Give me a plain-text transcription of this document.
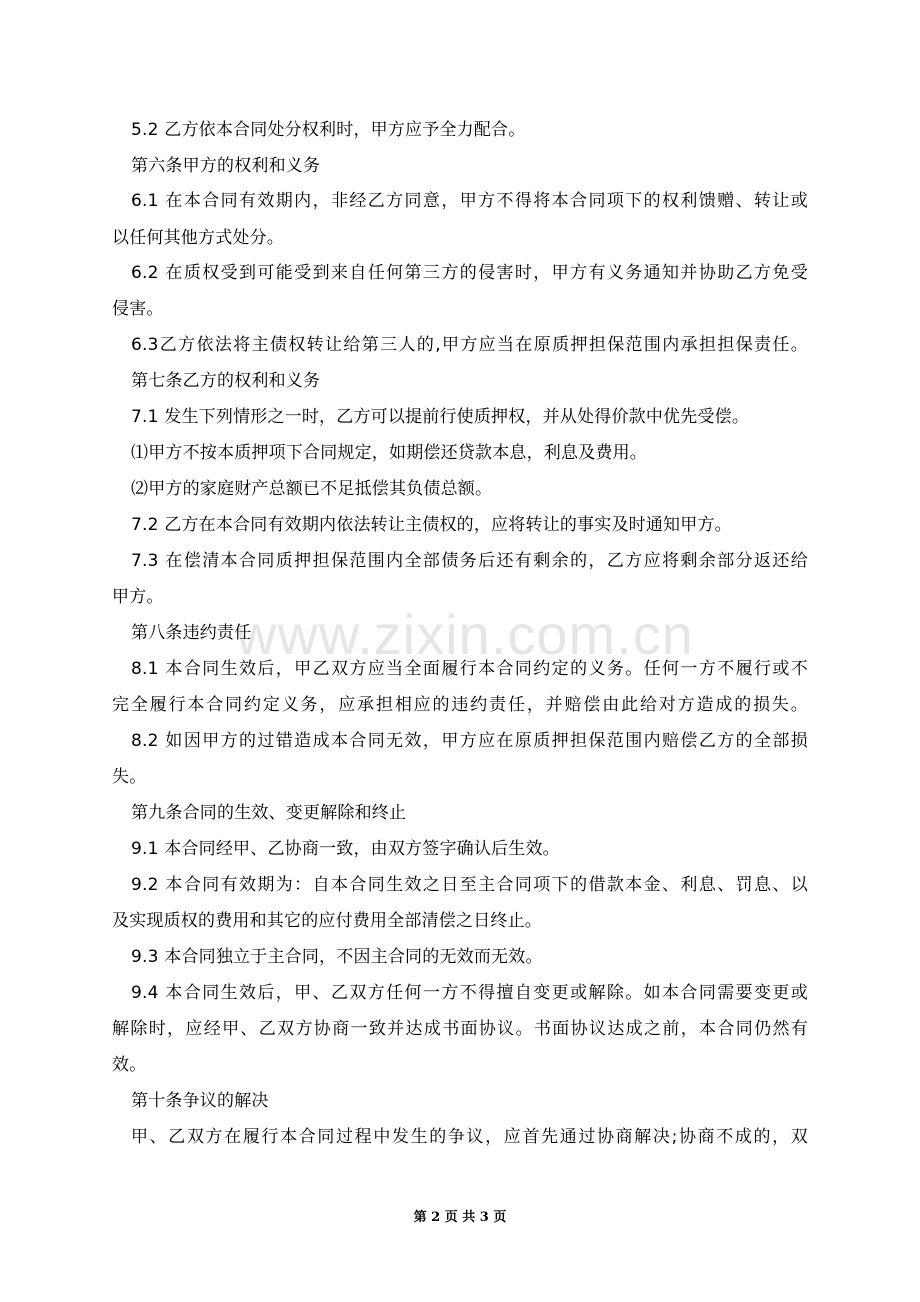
5.2 乙方依本合同处分权利时，甲方应予全力配合。
第六条甲方的权利和义务
6.1 在本合同有效期内，非经乙方同意，甲方不得将本合同项下的权利馈赠、转让或
以任何其他方式处分。
6.2 在质权受到可能受到来自任何第三方的侵害时，甲方有义务通知并协助乙方免受
侵害。
6.3乙方依法将主债权转让给第三人的,甲方应当在原质押担保范围内承担担保责任。
第七条乙方的权利和义务
7.1 发生下列情形之一时，乙方可以提前行使质押权，并从处得价款中优先受偿。
⑴甲方不按本质押项下合同规定，如期偿还贷款本息，利息及费用。
⑵甲方的家庭财产总额已不足抵偿其负债总额。
7.2 乙方在本合同有效期内依法转让主债权的，应将转让的事实及时通知甲方。
7.3 在偿清本合同质押担保范围内全部债务后还有剩余的，乙方应将剩余部分返还给
甲方。
第八条违约责任
8.1 本合同生效后，甲乙双方应当全面履行本合同约定的义务。任何一方不履行或不
完全履行本合同约定义务，应承担相应的违约责任，并赔偿由此给对方造成的损失。
8.2 如因甲方的过错造成本合同无效，甲方应在原质押担保范围内赔偿乙方的全部损
失。
第九条合同的生效、变更解除和终止
9.1 本合同经甲、乙协商一致，由双方签字确认后生效。
9.2 本合同有效期为：自本合同生效之日至主合同项下的借款本金、利息、罚息、以
及实现质权的费用和其它的应付费用全部清偿之日终止。
9.3 本合同独立于主合同，不因主合同的无效而无效。
9.4 本合同生效后，甲、乙双方任何一方不得擅自变更或解除。如本合同需要变更或
解除时，应经甲、乙双方协商一致并达成书面协议。书面协议达成之前，本合同仍然有
效。
第十条争议的解决
甲、乙双方在履行本合同过程中发生的争议，应首先通过协商解决;协商不成的，双
www.zixin.com.cn
第 2 页 共 3 页
